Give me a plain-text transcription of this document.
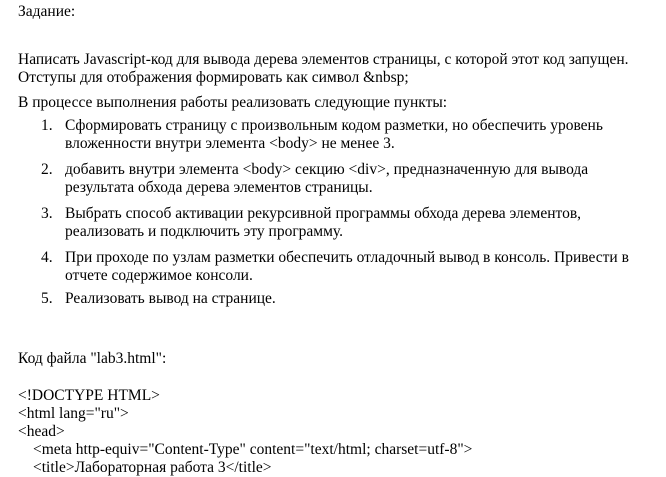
Задание:
Написать Javascript-код для вывода дерева элементов страницы, с которой этот код запущен.
Отступы для отображения формировать как символ &nbsp;
В процессе выполнения работы реализовать следующие пункты:
1. Сформировать страницу с произвольным кодом разметки, но обеспечить уровень
вложенности внутри элемента <body> не менее 3.
2. добавить внутри элемента <body> секцию <div>, предназначенную для вывода
результата обхода дерева элементов страницы.
3. Выбрать способ активации рекурсивной программы обхода дерева элементов,
реализовать и подключить эту программу.
4. При проходе по узлам разметки обеспечить отладочный вывод в консоль. Привести в
отчете содержимое консоли.
5. Реализовать вывод на странице.
Код файла "lab3.html":
<!DOCTYPE HTML>
<html lang="ru">
<head>
<meta http-equiv="Content-Type" content="text/html; charset=utf-8">
<title>Лабораторная работа 3</title>
